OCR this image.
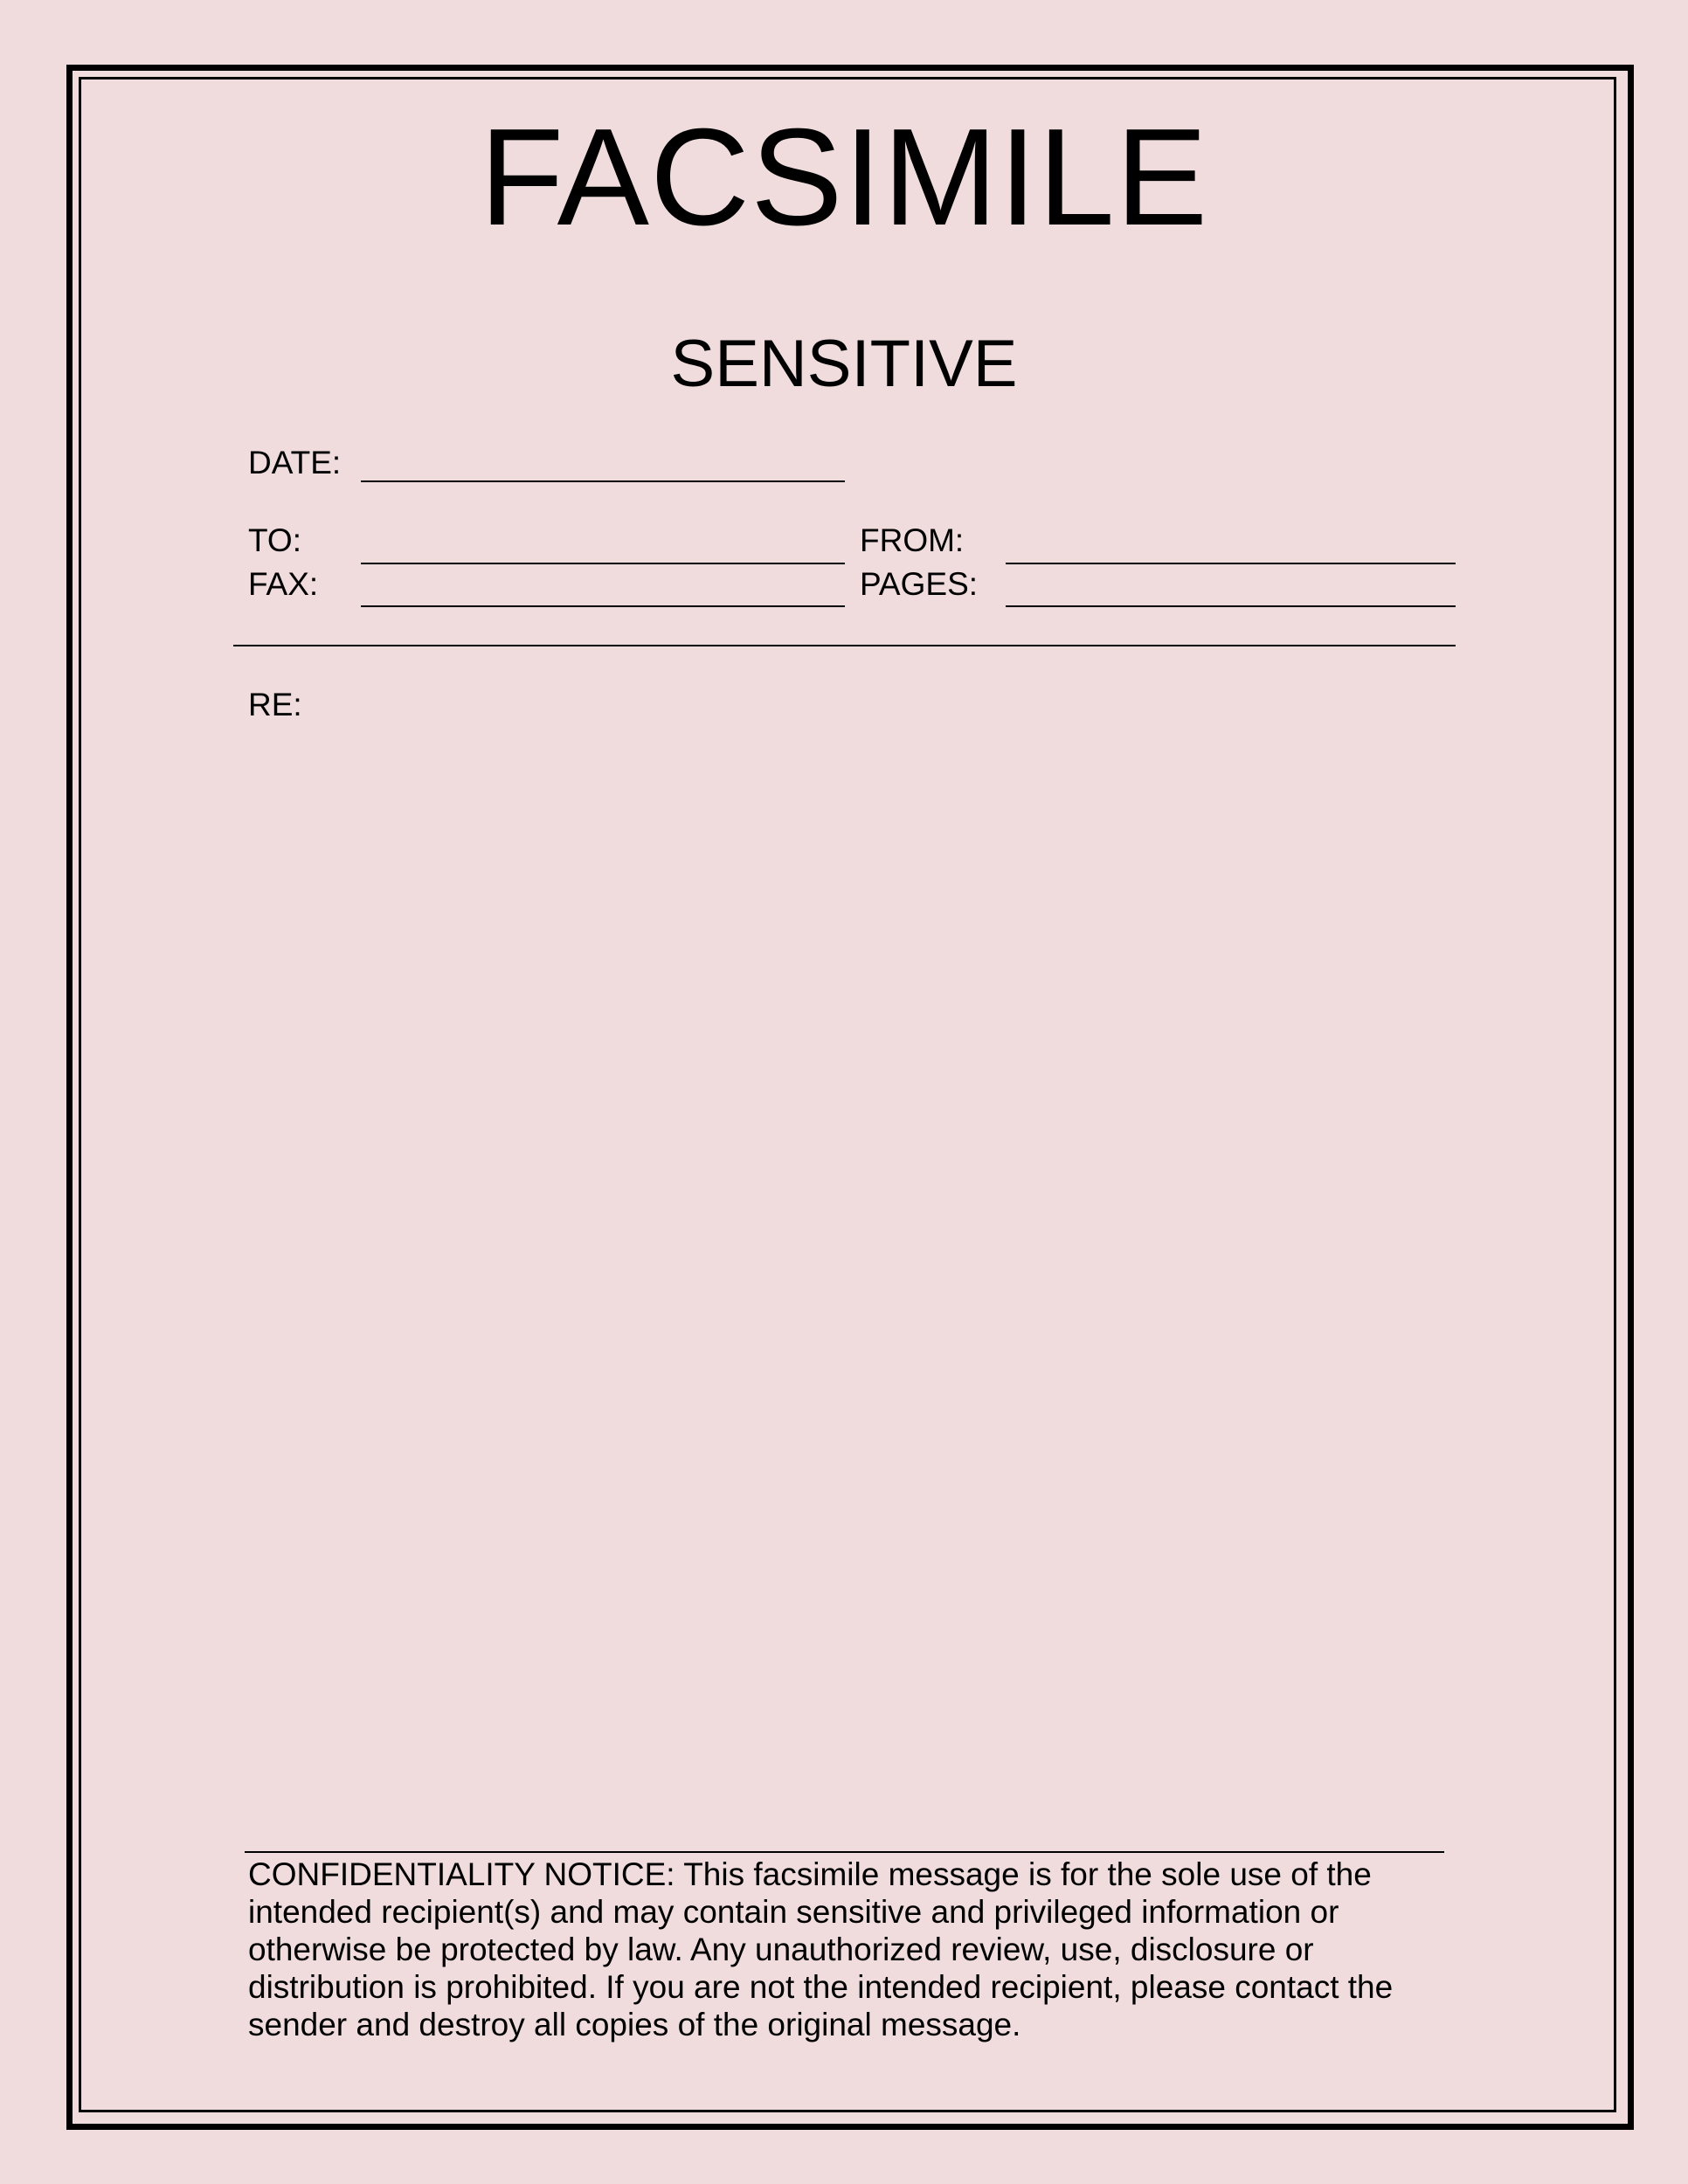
FACSIMILE
SENSITIVE
DATE:
TO:
FAX:
FROM:
PAGES:
RE:
CONFIDENTIALITY NOTICE: This facsimile message is for the sole use of the
intended recipient(s) and may contain sensitive and privileged information or
otherwise be protected by law. Any unauthorized review, use, disclosure or
distribution is prohibited. If you are not the intended recipient, please contact the
sender and destroy all copies of the original message.
